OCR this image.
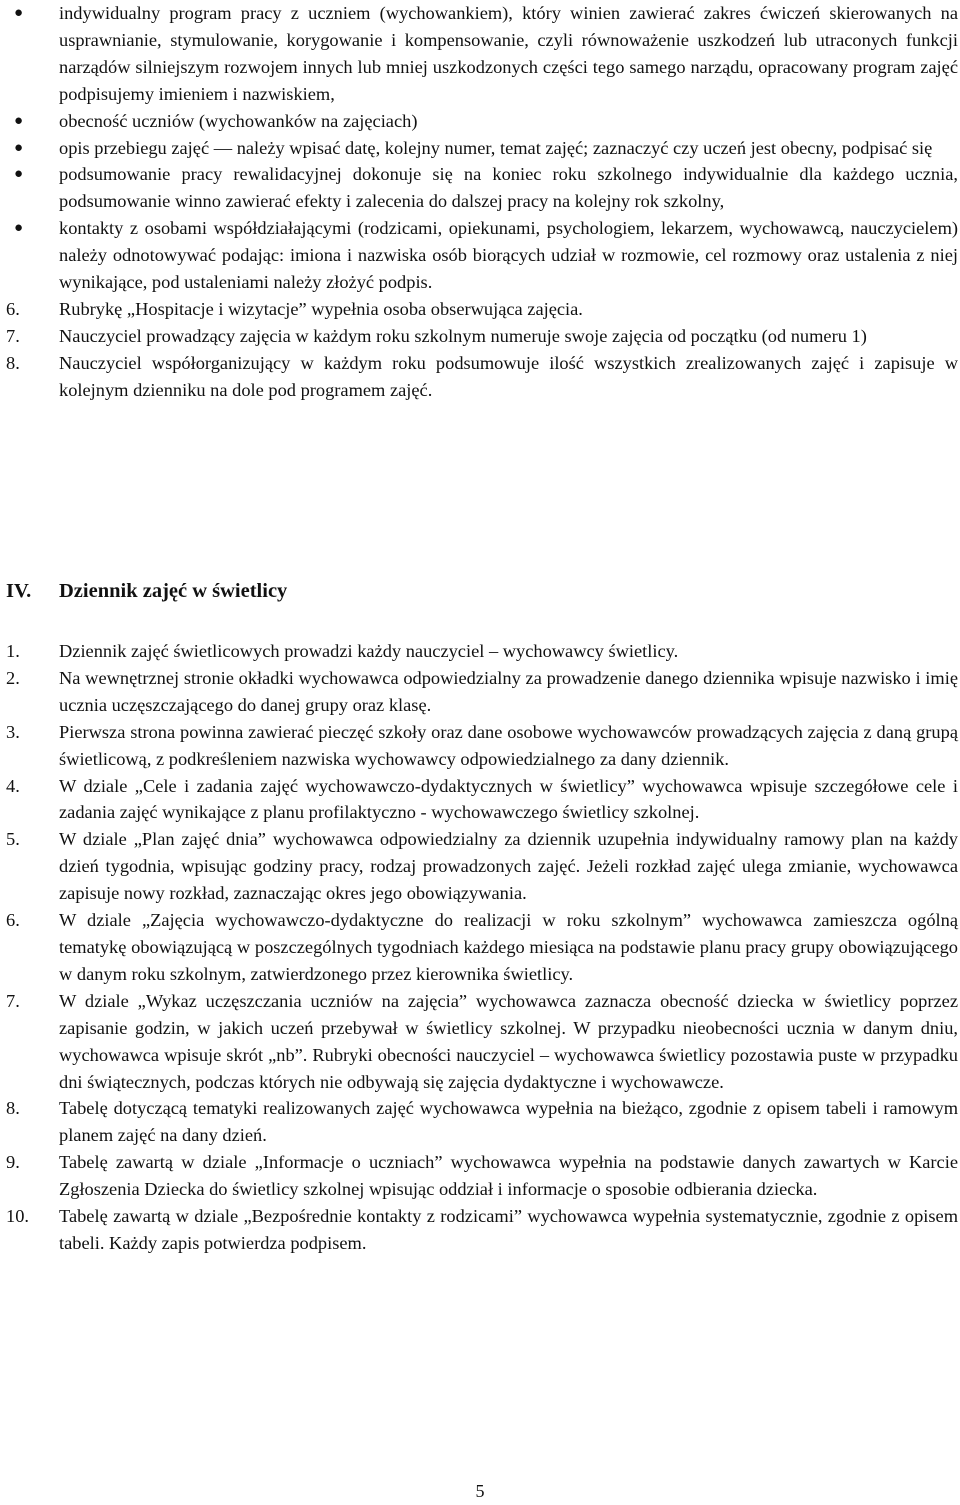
● indywidualny program pracy z uczniem (wychowankiem), który winien zawierać zakres ćwiczeń skierowanych na usprawnianie, stymulowanie, korygowanie i kompensowanie, czyli równoważenie uszkodzeń lub utraconych funkcji narządów silniejszym rozwojem innych lub mniej uszkodzonych części tego samego narządu, opracowany program zajęć podpisujemy imieniem i nazwiskiem,
● obecność uczniów (wychowanków na zajęciach)
● opis przebiegu zajęć — należy wpisać datę, kolejny numer, temat zajęć; zaznaczyć czy uczeń jest obecny, podpisać się
● podsumowanie pracy rewalidacyjnej dokonuje się na koniec roku szkolnego indywidualnie dla każdego ucznia, podsumowanie winno zawierać efekty i zalecenia do dalszej pracy na kolejny rok szkolny,
● kontakty z osobami współdziałającymi (rodzicami, opiekunami, psychologiem, lekarzem, wychowawcą, nauczycielem) należy odnotowywać podając: imiona i nazwiska osób biorących udział w rozmowie, cel rozmowy oraz ustalenia z niej wynikające, pod ustaleniami należy złożyć podpis.
6. Rubrykę „Hospitacje i wizytacje” wypełnia osoba obserwująca zajęcia.
7. Nauczyciel prowadzący zajęcia w każdym roku szkolnym numeruje swoje zajęcia od początku (od numeru 1)
8. Nauczyciel współorganizujący w każdym roku podsumowuje ilość wszystkich zrealizowanych zajęć i zapisuje w kolejnym dzienniku na dole pod programem zajęć.
IV. Dziennik zajęć w świetlicy
1. Dziennik zajęć świetlicowych prowadzi każdy nauczyciel – wychowawcy świetlicy.
2. Na wewnętrznej stronie okładki wychowawca odpowiedzialny za prowadzenie danego dziennika wpisuje nazwisko i imię ucznia uczęszczającego do danej grupy oraz klasę.
3. Pierwsza strona powinna zawierać pieczęć szkoły oraz dane osobowe wychowawców prowadzących zajęcia z daną grupą świetlicową, z podkreśleniem nazwiska wychowawcy odpowiedzialnego za dany dziennik.
4. W dziale „Cele i zadania zajęć wychowawczo-dydaktycznych w świetlicy” wychowawca wpisuje szczegółowe cele i zadania zajęć wynikające z planu profilaktyczno - wychowawczego świetlicy szkolnej.
5. W dziale „Plan zajęć dnia” wychowawca odpowiedzialny za dziennik uzupełnia indywidualny ramowy plan na każdy dzień tygodnia, wpisując godziny pracy, rodzaj prowadzonych zajęć. Jeżeli rozkład zajęć ulega zmianie, wychowawca zapisuje nowy rozkład, zaznaczając okres jego obowiązywania.
6. W dziale „Zajęcia wychowawczo-dydaktyczne do realizacji w roku szkolnym” wychowawca zamieszcza ogólną tematykę obowiązującą w poszczególnych tygodniach każdego miesiąca na podstawie planu pracy grupy obowiązującego w danym roku szkolnym, zatwierdzonego przez kierownika świetlicy.
7. W dziale „Wykaz uczęszczania uczniów na zajęcia” wychowawca zaznacza obecność dziecka w świetlicy poprzez zapisanie godzin, w jakich uczeń przebywał w świetlicy szkolnej. W przypadku nieobecności ucznia w danym dniu, wychowawca wpisuje skrót „nb”. Rubryki obecności nauczyciel – wychowawca świetlicy pozostawia puste w przypadku dni świątecznych, podczas których nie odbywają się zajęcia dydaktyczne i wychowawcze.
8. Tabelę dotyczącą tematyki realizowanych zajęć wychowawca wypełnia na bieżąco, zgodnie z opisem tabeli i ramowym planem zajęć na dany dzień.
9. Tabelę zawartą w dziale „Informacje o uczniach” wychowawca wypełnia na podstawie danych zawartych w Karcie Zgłoszenia Dziecka do świetlicy szkolnej wpisując oddział i informacje o sposobie odbierania dziecka.
10. Tabelę zawartą w dziale „Bezpośrednie kontakty z rodzicami” wychowawca wypełnia systematycznie, zgodnie z opisem tabeli. Każdy zapis potwierdza podpisem.
5
